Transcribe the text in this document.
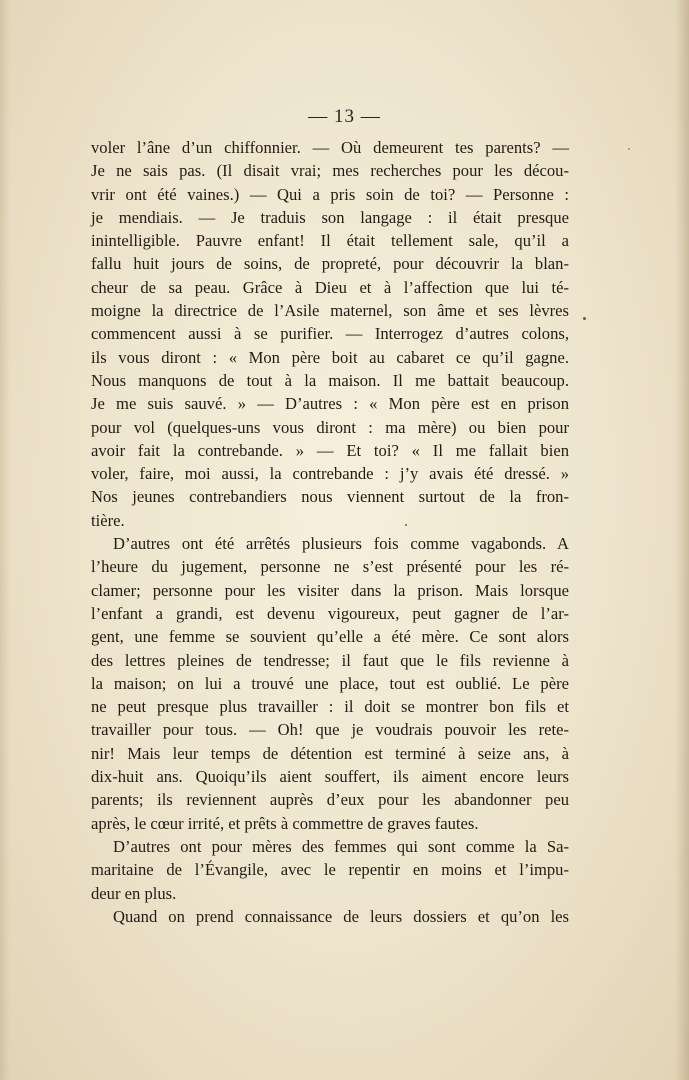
— 13 —
voler l’âne d’un chiffonnier. — Où demeurent tes parents? —
Je ne sais pas. (Il disait vrai; mes recherches pour les décou-
vrir ont été vaines.) — Qui a pris soin de toi? — Personne :
je mendiais. — Je traduis son langage : il était presque
inintelligible. Pauvre enfant! Il était tellement sale, qu’il a
fallu huit jours de soins, de propreté, pour découvrir la blan-
cheur de sa peau. Grâce à Dieu et à l’affection que lui té-
moigne la directrice de l’Asile maternel, son âme et ses lèvres
commencent aussi à se purifier. — Interrogez d’autres colons,
ils vous diront : « Mon père boit au cabaret ce qu’il gagne.
Nous manquons de tout à la maison. Il me battait beaucoup.
Je me suis sauvé. » — D’autres : « Mon père est en prison
pour vol (quelques-uns vous diront : ma mère) ou bien pour
avoir fait la contrebande. » — Et toi? « Il me fallait bien
voler, faire, moi aussi, la contrebande : j’y avais été dressé. »
Nos jeunes contrebandiers nous viennent surtout de la fron-
tière.
D’autres ont été arrêtés plusieurs fois comme vagabonds. A
l’heure du jugement, personne ne s’est présenté pour les ré-
clamer; personne pour les visiter dans la prison. Mais lorsque
l’enfant a grandi, est devenu vigoureux, peut gagner de l’ar-
gent, une femme se souvient qu’elle a été mère. Ce sont alors
des lettres pleines de tendresse; il faut que le fils revienne à
la maison; on lui a trouvé une place, tout est oublié. Le père
ne peut presque plus travailler : il doit se montrer bon fils et
travailler pour tous. — Oh! que je voudrais pouvoir les rete-
nir! Mais leur temps de détention est terminé à seize ans, à
dix-huit ans. Quoiqu’ils aient souffert, ils aiment encore leurs
parents; ils reviennent auprès d’eux pour les abandonner peu
après, le cœur irrité, et prêts à commettre de graves fautes.
D’autres ont pour mères des femmes qui sont comme la Sa-
maritaine de l’Évangile, avec le repentir en moins et l’impu-
deur en plus.
Quand on prend connaissance de leurs dossiers et qu’on les
